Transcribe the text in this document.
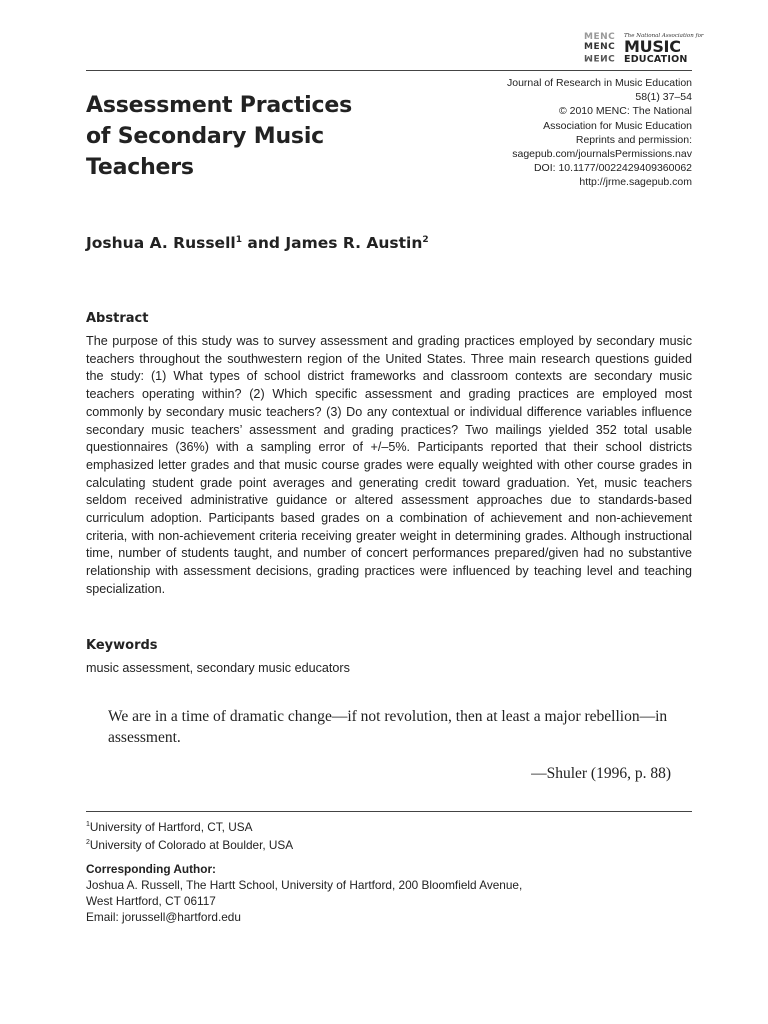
MENC
MENC
MENC
The National Association for
MUSIC
EDUCATION
Journal of Research in Music Education
58(1) 37–54
© 2010 MENC: The National
Association for Music Education
Reprints and permission:
sagepub.com/journalsPermissions.nav
DOI: 10.1177/0022429409360062
http://jrme.sagepub.com
Assessment Practices
of Secondary Music
Teachers
Joshua A. Russell$^1$ and James R. Austin$^2$
Abstract
The purpose of this study was to survey assessment and grading practices employed by secondary music teachers throughout the southwestern region of the United States. Three main research questions guided the study: (1) What types of school district frameworks and classroom contexts are secondary music teachers operating within? (2) Which specific assessment and grading practices are employed most commonly by secondary music teachers? (3) Do any contextual or individual difference variables influence secondary music teachers’ assessment and grading practices? Two mailings yielded 352 total usable questionnaires (36%) with a sampling error of +/–5%. Participants reported that their school districts emphasized letter grades and that music course grades were equally weighted with other course grades in calculating student grade point averages and generating credit toward graduation. Yet, music teachers seldom received administrative guidance or altered assessment approaches due to standards-based curriculum adoption. Participants based grades on a combination of achievement and non-achievement criteria, with non-achievement criteria receiving greater weight in determining grades. Although instructional time, number of students taught, and number of concert performances prepared/given had no substantive relationship with assessment decisions, grading practices were influenced by teaching level and teaching specialization.
Keywords
music assessment, secondary music educators
We are in a time of dramatic change—if not revolution, then at least a major rebellion—in assessment.
—Shuler (1996, p. 88)
$^1$University of Hartford, CT, USA
$^2$University of Colorado at Boulder, USA
Corresponding Author:
Joshua A. Russell, The Hartt School, University of Hartford, 200 Bloomfield Avenue,
West Hartford, CT 06117
Email: jorussell@hartford.edu
